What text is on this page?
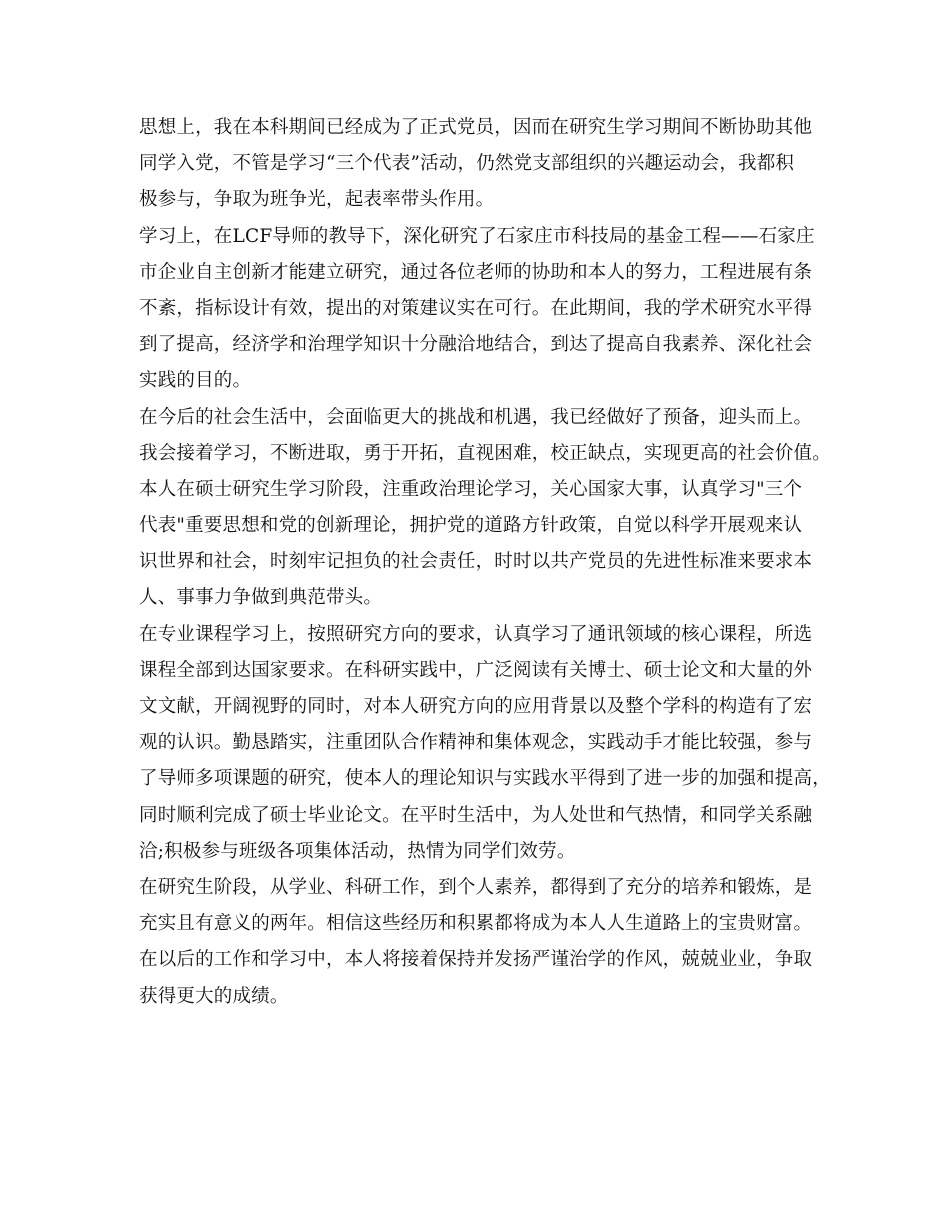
思想上，我在本科期间已经成为了正式党员，因而在研究生学习期间不断协助其他
同学入党，不管是学习“三个代表”活动，仍然党支部组织的兴趣运动会，我都积
极参与，争取为班争光，起表率带头作用。
学习上，在LCF导师的教导下，深化研究了石家庄市科技局的基金工程——石家庄
市企业自主创新才能建立研究，通过各位老师的协助和本人的努力，工程进展有条
不紊，指标设计有效，提出的对策建议实在可行。在此期间，我的学术研究水平得
到了提高，经济学和治理学知识十分融洽地结合，到达了提高自我素养、深化社会
实践的目的。
在今后的社会生活中，会面临更大的挑战和机遇，我已经做好了预备，迎头而上。
我会接着学习，不断进取，勇于开拓，直视困难，校正缺点，实现更高的社会价值。
本人在硕士研究生学习阶段，注重政治理论学习，关心国家大事，认真学习"三个
代表"重要思想和党的创新理论，拥护党的道路方针政策，自觉以科学开展观来认
识世界和社会，时刻牢记担负的社会责任，时时以共产党员的先进性标准来要求本
人、事事力争做到典范带头。
在专业课程学习上，按照研究方向的要求，认真学习了通讯领域的核心课程，所选
课程全部到达国家要求。在科研实践中，广泛阅读有关博士、硕士论文和大量的外
文文献，开阔视野的同时，对本人研究方向的应用背景以及整个学科的构造有了宏
观的认识。勤恳踏实，注重团队合作精神和集体观念，实践动手才能比较强，参与
了导师多项课题的研究，使本人的理论知识与实践水平得到了进一步的加强和提高，
同时顺利完成了硕士毕业论文。在平时生活中，为人处世和气热情，和同学关系融
洽;积极参与班级各项集体活动，热情为同学们效劳。
在研究生阶段，从学业、科研工作，到个人素养，都得到了充分的培养和锻炼，是
充实且有意义的两年。相信这些经历和积累都将成为本人人生道路上的宝贵财富。
在以后的工作和学习中，本人将接着保持并发扬严谨治学的作风，兢兢业业，争取
获得更大的成绩。
